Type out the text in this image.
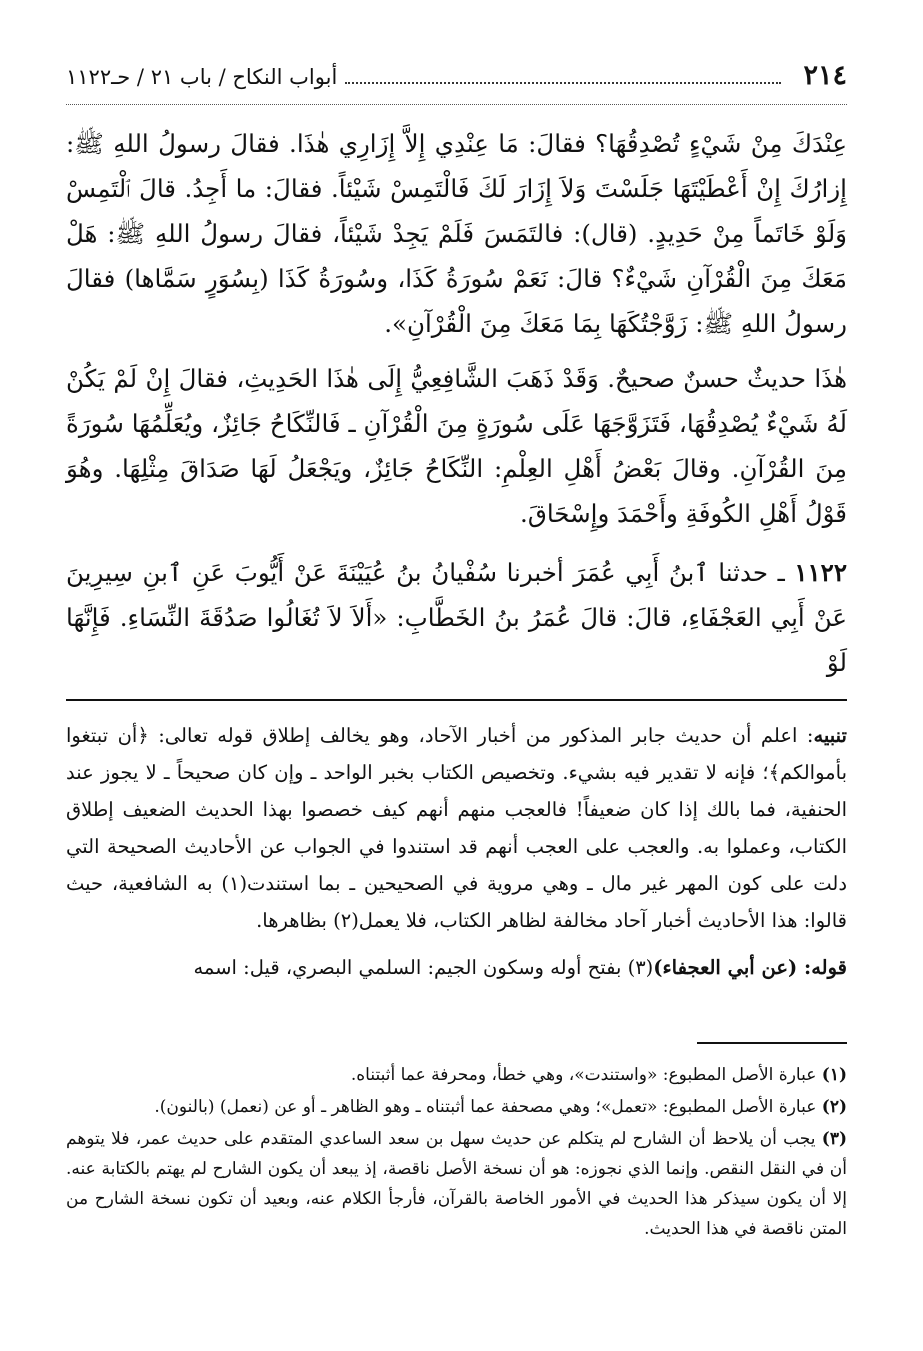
٢١٤
أبواب النكاح / باب ٢١ / حـ١١٢٢

عِنْدَكَ مِنْ شَيْءٍ تُصْدِقُهَا؟ فقالَ: مَا عِنْدِي إِلاَّ إِزَارِي هٰذَا. فقالَ رسولُ اللهِ ﷺ: إِزارُكَ إِنْ أَعْطَيْتَهَا جَلَسْتَ وَلاَ إِزَارَ لَكَ فَالْتَمِسْ شَيْئاً. فقالَ: ما أَجِدُ. قالَ ٱلْتَمِسْ وَلَوْ خَاتَماً مِنْ حَدِيدٍ. (قال): فالتَمَسَ فَلَمْ يَجِدْ شَيْئاً، فقالَ رسولُ اللهِ ﷺ: هَلْ مَعَكَ مِنَ الْقُرْآنِ شَيْءٌ؟ قالَ: نَعَمْ سُورَةُ كَذَا، وسُورَةُ كَذَا (بِسُوَرٍ سَمَّاها) فقالَ رسولُ اللهِ ﷺ: زَوَّجْتُكَهَا بِمَا مَعَكَ مِنَ الْقُرْآنِ».

هٰذَا حديثٌ حسنٌ صحيحٌ. وَقَدْ ذَهَبَ الشَّافِعِيُّ إِلَى هٰذَا الحَدِيثِ، فقالَ إِنْ لَمْ يَكُنْ لَهُ شَيْءٌ يُصْدِقُهَا، فَتَزَوَّجَهَا عَلَى سُورَةٍ مِنَ الْقُرْآنِ ـ فَالنِّكَاحُ جَائِزٌ، ويُعَلِّمُهَا سُورَةً مِنَ القُرْآنِ. وقالَ بَعْضُ أَهْلِ العِلْمِ: النِّكَاحُ جَائِزٌ، ويَجْعَلُ لَهَا صَدَاقَ مِثْلِهَا. وهُوَ قَوْلُ أَهْلِ الكُوفَةِ وأَحْمَدَ وإِسْحَاقَ.

١١٢٢ ـ حدثنا ٱبنُ أَبِي عُمَرَ أخبرنا سُفْيانُ بنُ عُيَيْنَةَ عَنْ أَيُّوبَ عَنِ ٱبنِ سِيرِينَ عَنْ أَبِي العَجْفَاءِ، قالَ: قالَ عُمَرُ بنُ الخَطَّابِ: «أَلاَ لاَ تُغَالُوا صَدُقَةَ النِّسَاءِ. فَإِنَّهَا لَوْ

تنبيه: اعلم أن حديث جابر المذكور من أخبار الآحاد، وهو يخالف إطلاق قوله تعالى: ﴿أن تبتغوا بأموالكم﴾؛ فإنه لا تقدير فيه بشيء. وتخصيص الكتاب بخبر الواحد ـ وإن كان صحيحاً ـ لا يجوز عند الحنفية، فما بالك إذا كان ضعيفاً! فالعجب منهم أنهم كيف خصصوا بهذا الحديث الضعيف إطلاق الكتاب، وعملوا به. والعجب على العجب أنهم قد استندوا في الجواب عن الأحاديث الصحيحة التي دلت على كون المهر غير مال ـ وهي مروية في الصحيحين ـ بما استندت(١) به الشافعية، حيث قالوا: هذا الأحاديث أخبار آحاد مخالفة لظاهر الكتاب، فلا يعمل(٢) بظاهرها.

قوله: (عن أبي العجفاء)(٣) بفتح أوله وسكون الجيم: السلمي البصري، قيل: اسمه

(١) عبارة الأصل المطبوع: «واستندت»، وهي خطأ، ومحرفة عما أثبتناه.

(٢) عبارة الأصل المطبوع: «تعمل»؛ وهي مصحفة عما أثبتناه ـ وهو الظاهر ـ أو عن (نعمل) (بالنون).

(٣) يجب أن يلاحظ أن الشارح لم يتكلم عن حديث سهل بن سعد الساعدي المتقدم على حديث عمر، فلا يتوهم أن في النقل النقص. وإنما الذي نجوزه: هو أن نسخة الأصل ناقصة، إذ يبعد أن يكون الشارح لم يهتم بالكتابة عنه. إلا أن يكون سيذكر هذا الحديث في الأمور الخاصة بالقرآن، فأرجأ الكلام عنه، وبعيد أن تكون نسخة الشارح من المتن ناقصة في هذا الحديث.
